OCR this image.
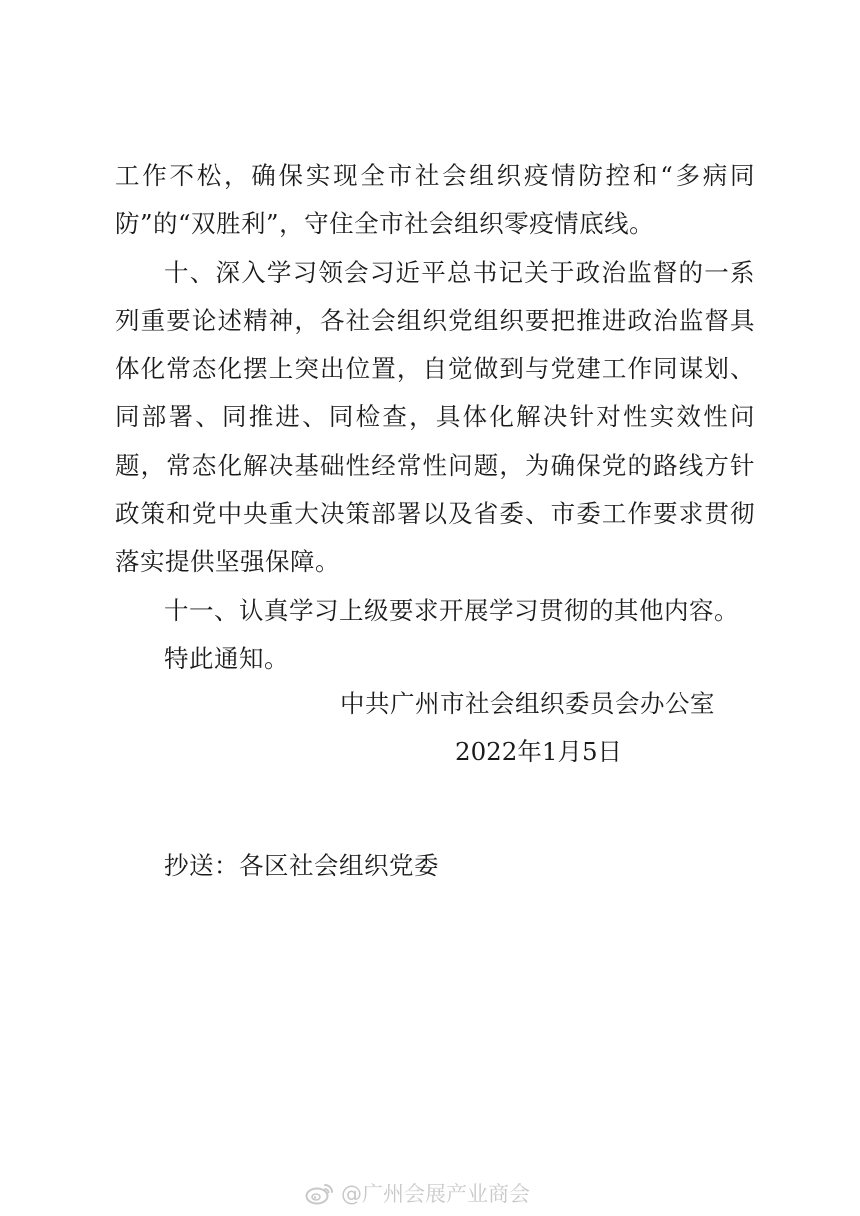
工作不松，确保实现全市社会组织疫情防控和“多病同防”的“双胜利”，守住全市社会组织零疫情底线。

十、深入学习领会习近平总书记关于政治监督的一系列重要论述精神，各社会组织党组织要把推进政治监督具体化常态化摆上突出位置，自觉做到与党建工作同谋划、同部署、同推进、同检查，具体化解决针对性实效性问题，常态化解决基础性经常性问题，为确保党的路线方针政策和党中央重大决策部署以及省委、市委工作要求贯彻落实提供坚强保障。

十一、认真学习上级要求开展学习贯彻的其他内容。

特此通知。

中共广州市社会组织委员会办公室

2022年1月5日

抄送：各区社会组织党委
@广州会展产业商会
